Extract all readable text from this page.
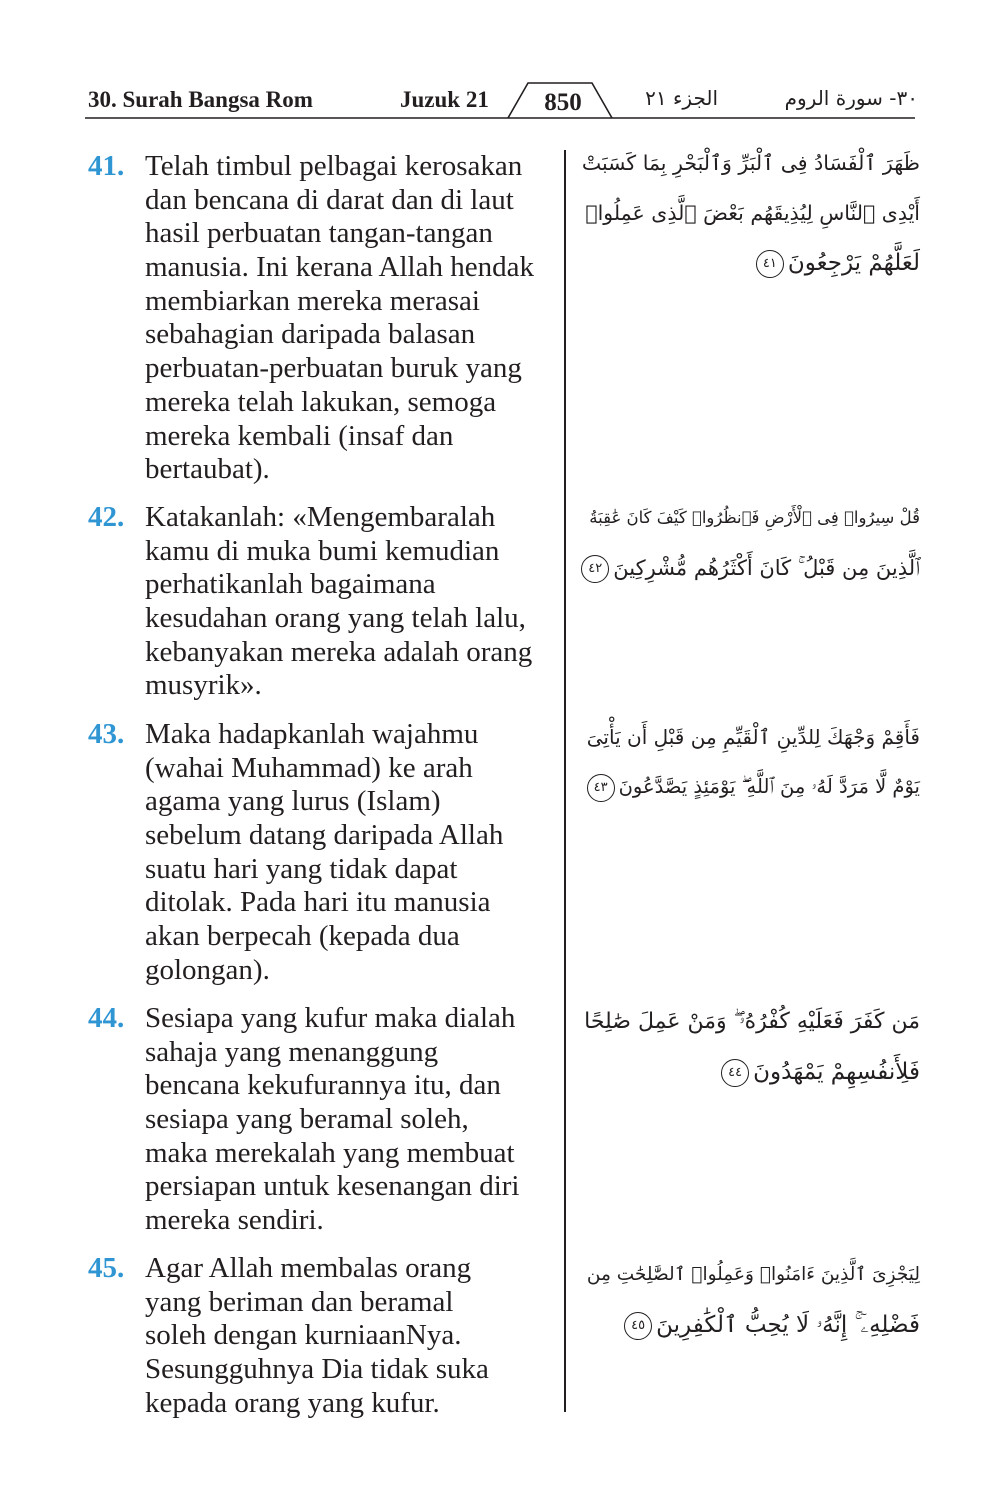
30. Surah Bangsa Rom	Juzuk 21	850	الجزء ٢١	٣٠- سورة الروم
41. Telah timbul pelbagai kerosakan
dan bencana di darat dan di laut
hasil perbuatan tangan-tangan
manusia. Ini kerana Allah hendak
membiarkan mereka merasai
sebahagian daripada balasan
perbuatan-perbuatan buruk yang
mereka telah lakukan, semoga
mereka kembali (insaf dan
bertaubat).
ظَهَرَ ٱلْفَسَادُ فِى ٱلْبَرِّ وَٱلْبَحْرِ بِمَا كَسَبَتْ
أَيْدِى ٱلنَّاسِ لِيُذِيقَهُم بَعْضَ ٱلَّذِى عَمِلُوا۟
لَعَلَّهُمْ يَرْجِعُونَ٤١
42. Katakanlah: «Mengembaralah
kamu di muka bumi kemudian
perhatikanlah bagaimana
kesudahan orang yang telah lalu,
kebanyakan mereka adalah orang
musyrik».
قُلْ سِيرُوا۟ فِى ٱلْأَرْضِ فَٱنظُرُوا۟ كَيْفَ كَانَ عَٰقِبَةُ
ٱلَّذِينَ مِن قَبْلُ ۚ كَانَ أَكْثَرُهُم مُّشْرِكِينَ٤٢
43. Maka hadapkanlah wajahmu
(wahai Muhammad) ke arah
agama yang lurus (Islam)
sebelum datang daripada Allah
suatu hari yang tidak dapat
ditolak. Pada hari itu manusia
akan berpecah (kepada dua
golongan).
فَأَقِمْ وَجْهَكَ لِلدِّينِ ٱلْقَيِّمِ مِن قَبْلِ أَن يَأْتِىَ
يَوْمٌ لَّا مَرَدَّ لَهُۥ مِنَ ٱللَّهِ ۖ يَوْمَئِذٍ يَصَّدَّعُونَ٤٣
44. Sesiapa yang kufur maka dialah
sahaja yang menanggung
bencana kekufurannya itu, dan
sesiapa yang beramal soleh,
maka merekalah yang membuat
persiapan untuk kesenangan diri
mereka sendiri.
مَن كَفَرَ فَعَلَيْهِ كُفْرُهُۥ ۖ وَمَنْ عَمِلَ صَٰلِحًا
فَلِأَنفُسِهِمْ يَمْهَدُونَ٤٤
45. Agar Allah membalas orang
yang beriman dan beramal
soleh dengan kurniaanNya.
Sesungguhnya Dia tidak suka
kepada orang yang kufur.
لِيَجْزِىَ ٱلَّذِينَ ءَامَنُوا۟ وَعَمِلُوا۟ ٱلصَّٰلِحَٰتِ مِن
فَضْلِهِۦٓ ۚ إِنَّهُۥ لَا يُحِبُّ ٱلْكَٰفِرِينَ٤٥
